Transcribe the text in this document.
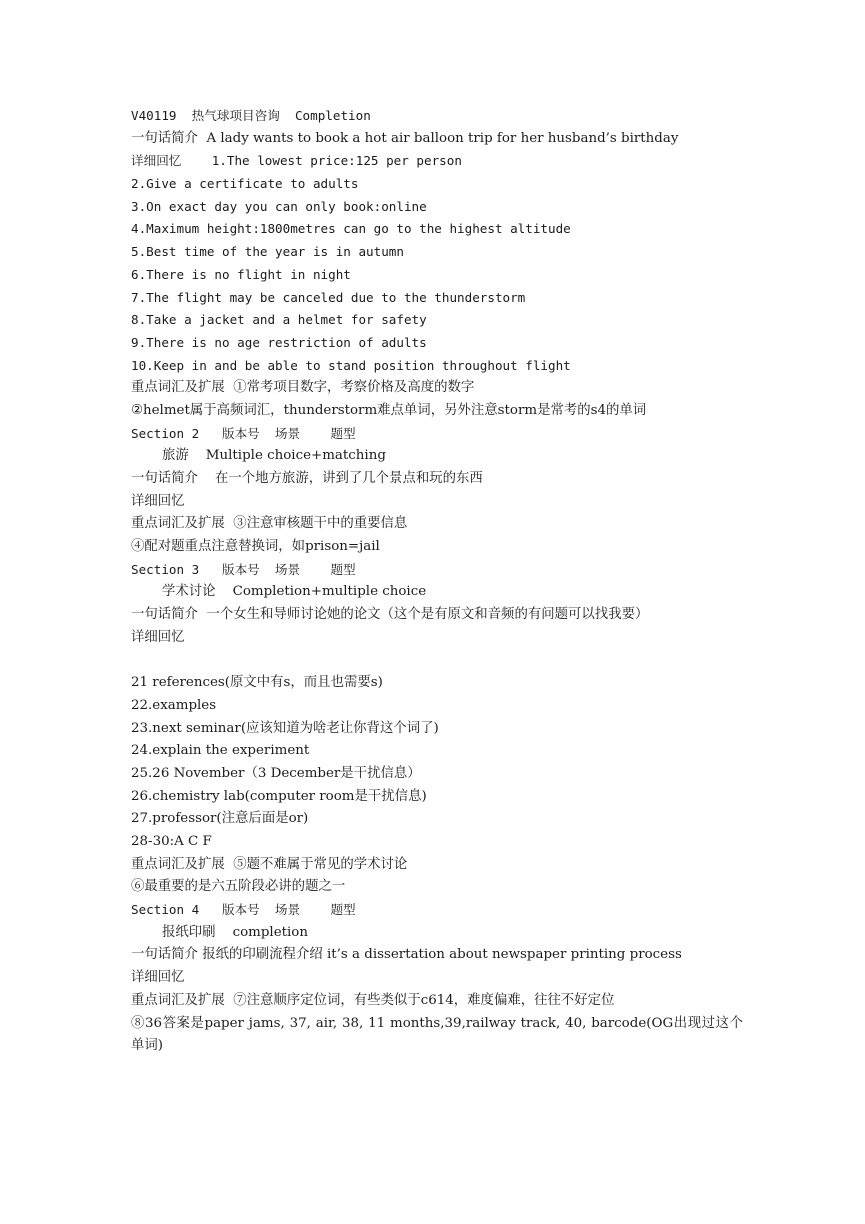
V40119  热气球项目咨询  Completion
一句话简介  A lady wants to book a hot air balloon trip for her husband’s birthday
详细回忆    1.The lowest price:125 per person
2.Give a certificate to adults
3.On exact day you can only book:online
4.Maximum height:1800metres can go to the highest altitude
5.Best time of the year is in autumn
6.There is no flight in night
7.The flight may be canceled due to the thunderstorm
8.Take a jacket and a helmet for safety
9.There is no age restriction of adults
10.Keep in and be able to stand position throughout flight
重点词汇及扩展  ①常考项目数字，考察价格及高度的数字
②helmet属于高频词汇，thunderstorm难点单词，另外注意storm是常考的s4的单词
Section 2   版本号  场景    题型
旅游    Multiple choice+matching
一句话简介    在一个地方旅游，讲到了几个景点和玩的东西
详细回忆
重点词汇及扩展  ③注意审核题干中的重要信息
④配对题重点注意替换词，如prison=jail
Section 3   版本号  场景    题型
学术讨论    Completion+multiple choice
一句话简介  一个女生和导师讨论她的论文（这个是有原文和音频的有问题可以找我要）
详细回忆
21 references(原文中有s，而且也需要s)
22.examples
23.next seminar(应该知道为啥老让你背这个词了)
24.explain the experiment
25.26 November（3 December是干扰信息）
26.chemistry lab(computer room是干扰信息)
27.professor(注意后面是or)
28-30:A C F
重点词汇及扩展  ⑤题不难属于常见的学术讨论
⑥最重要的是六五阶段必讲的题之一
Section 4   版本号  场景    题型
报纸印刷    completion
一句话简介 报纸的印刷流程介绍 it’s a dissertation about newspaper printing process
详细回忆
重点词汇及扩展  ⑦注意顺序定位词，有些类似于c614，难度偏难，往往不好定位
⑧36答案是paper jams, 37, air, 38, 11 months,39,railway track, 40, barcode(OG出现过这个单词)
